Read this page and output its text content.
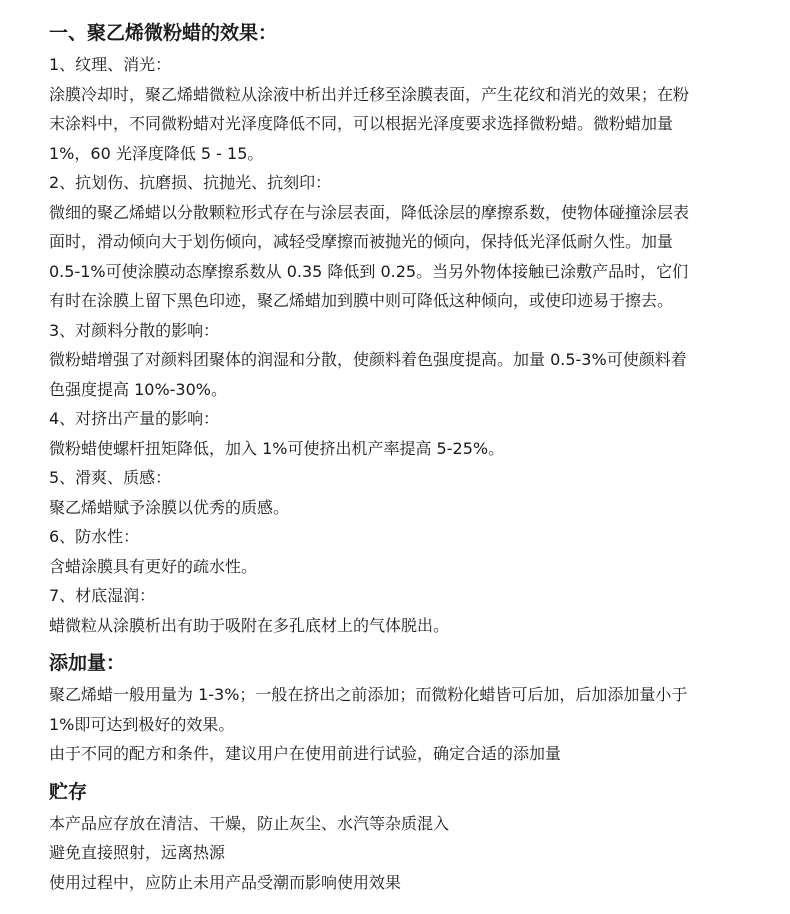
一、聚乙烯微粉蜡的效果：

1、纹理、消光：

涂膜冷却时，聚乙烯蜡微粒从涂液中析出并迁移至涂膜表面，产生花纹和消光的效果；在粉

末涂料中，不同微粉蜡对光泽度降低不同，可以根据光泽度要求选择微粉蜡。微粉蜡加量

1%，60 光泽度降低 5 - 15。

2、抗划伤、抗磨损、抗抛光、抗刻印：

微细的聚乙烯蜡以分散颗粒形式存在与涂层表面，降低涂层的摩擦系数，使物体碰撞涂层表

面时，滑动倾向大于划伤倾向，减轻受摩擦而被抛光的倾向，保持低光泽低耐久性。加量

0.5-1%可使涂膜动态摩擦系数从 0.35 降低到 0.25。当另外物体接触已涂敷产品时，它们

有时在涂膜上留下黑色印迹，聚乙烯蜡加到膜中则可降低这种倾向，或使印迹易于擦去。

3、对颜料分散的影响：

微粉蜡增强了对颜料团聚体的润湿和分散，使颜料着色强度提高。加量 0.5-3%可使颜料着

色强度提高 10%-30%。

4、对挤出产量的影响：

微粉蜡使螺杆扭矩降低，加入 1%可使挤出机产率提高 5-25%。

5、滑爽、质感：

聚乙烯蜡赋予涂膜以优秀的质感。

6、防水性：

含蜡涂膜具有更好的疏水性。

7、材底湿润：

蜡微粒从涂膜析出有助于吸附在多孔底材上的气体脱出。

添加量：

聚乙烯蜡一般用量为 1-3%；一般在挤出之前添加；而微粉化蜡皆可后加，后加添加量小于

1%即可达到极好的效果。

由于不同的配方和条件，建议用户在使用前进行试验，确定合适的添加量

贮存

本产品应存放在清洁、干燥，防止灰尘、水汽等杂质混入

避免直接照射，远离热源

使用过程中，应防止未用产品受潮而影响使用效果
